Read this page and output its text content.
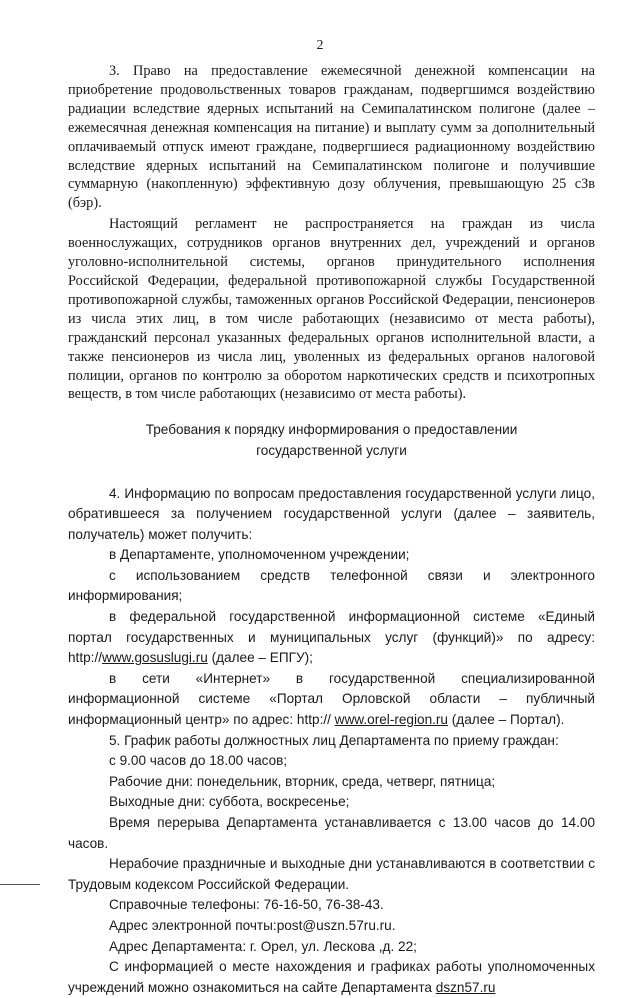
2

3. Право на предоставление ежемесячной денежной компенсации на приобретение продовольственных товаров гражданам, подвергшимся воздействию радиации вследствие ядерных испытаний на Семипалатинском полигоне (далее – ежемесячная денежная компенсация на питание) и выплату сумм за дополнительный оплачиваемый отпуск имеют граждане, подвергшиеся радиационному воздействию вследствие ядерных испытаний на Семипалатинском полигоне и получившие суммарную (накопленную) эффективную дозу облучения, превышающую 25 сЗв (бэр).

Настоящий регламент не распространяется на граждан из числа военнослужащих, сотрудников органов внутренних дел, учреждений и органов уголовно-исполнительной системы, органов принудительного исполнения Российской Федерации, федеральной противопожарной службы Государственной противопожарной службы, таможенных органов Российской Федерации, пенсионеров из числа этих лиц, в том числе работающих (независимо от места работы), гражданский персонал указанных федеральных органов исполнительной власти, а также пенсионеров из числа лиц, уволенных из федеральных органов налоговой полиции, органов по контролю за оборотом наркотических средств и психотропных веществ, в том числе работающих (независимо от места работы).

Требования к порядку информирования о предоставлении
государственной услуги

4. Информацию по вопросам предоставления государственной услуги лицо, обратившееся за получением государственной услуги (далее – заявитель, получатель) может получить:

в Департаменте, уполномоченном учреждении;

с использованием средств телефонной связи и электронного информирования;

в федеральной государственной информационной системе «Единый портал государственных и муниципальных услуг (функций)» по адресу: http://www.gosuslugi.ru (далее – ЕПГУ);

в сети «Интернет» в государственной специализированной информационной системе «Портал Орловской области – публичный информационный центр» по адрес: http:// www.orel-region.ru (далее – Портал).

5. График работы должностных лиц Департамента по приему граждан:

с 9.00 часов до 18.00 часов;

Рабочие дни: понедельник, вторник, среда, четверг, пятница;

Выходные дни: суббота, воскресенье;

Время перерыва Департамента устанавливается с 13.00 часов до 14.00 часов.

Нерабочие праздничные и выходные дни устанавливаются в соответствии с Трудовым кодексом Российской Федерации.

Справочные телефоны: 76-16-50, 76-38-43.

Адрес электронной почты:post@uszn.57ru.ru.

Адрес Департамента: г. Орел, ул. Лескова ,д. 22;

С информацией о месте нахождения и графиках работы уполномоченных учреждений можно ознакомиться на сайте Департамента dszn57.ru
